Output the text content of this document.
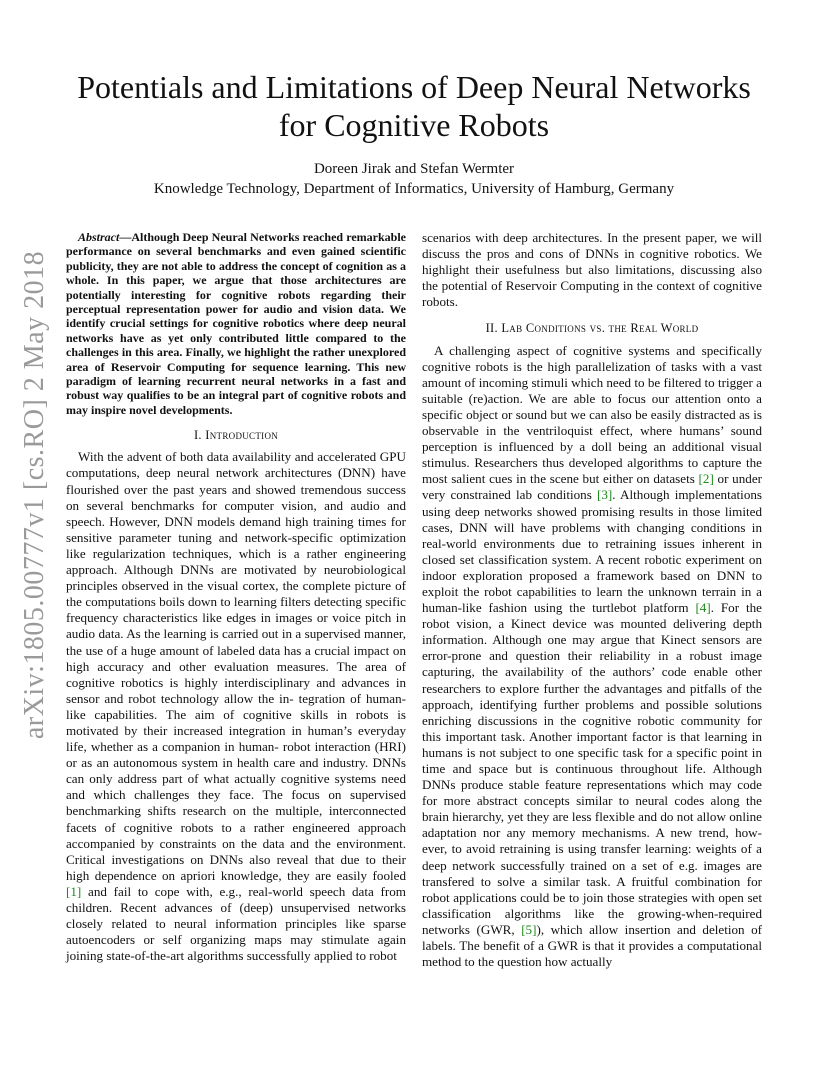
arXiv:1805.00777v1 [cs.RO] 2 May 2018
Potentials and Limitations of Deep Neural Networks for Cognitive Robots
Doreen Jirak and Stefan Wermter
Knowledge Technology, Department of Informatics, University of Hamburg, Germany

Abstract—Although Deep Neural Networks reached remarkable performance on several benchmarks and even gained scientific publicity, they are not able to address the concept of cognition as a whole. In this paper, we argue that those architectures are potentially interesting for cognitive robots regarding their perceptual representation power for audio and vision data. We identify crucial settings for cognitive robotics where deep neural networks have as yet only contributed little compared to the challenges in this area. Finally, we highlight the rather unexplored area of Reservoir Computing for sequence learning. This new paradigm of learning recurrent neural networks in a fast and robust way qualifies to be an integral part of cognitive robots and may inspire novel developments.

I. Introduction

With the advent of both data availability and accelerated GPU computations, deep neural network architectures (DNN) have flourished over the past years and showed tremendous success on several benchmarks for computer vision, and audio and speech. However, DNN models demand high training times for sensitive parameter tuning and network-specific optimization like regularization techniques, which is a rather engineering approach. Although DNNs are motivated by neurobiological principles observed in the visual cortex, the complete picture of the computations boils down to learning filters detecting specific frequency characteristics like edges in images or voice pitch in audio data. As the learning is carried out in a supervised manner, the use of a huge amount of labeled data has a crucial impact on high accuracy and other evaluation measures. The area of cognitive robotics is highly interdisciplinary and advances in sensor and robot technology allow the in- tegration of human-like capabilities. The aim of cognitive skills in robots is motivated by their increased integration in human’s everyday life, whether as a companion in human- robot interaction (HRI) or as an autonomous system in health care and industry. DNNs can only address part of what actually cognitive systems need and which challenges they face. The focus on supervised benchmarking shifts research on the multiple, interconnected facets of cognitive robots to a rather engineered approach accompanied by constraints on the data and the environment. Critical investigations on DNNs also reveal that due to their high dependence on apriori knowledge, they are easily fooled [1] and fail to cope with, e.g., real-world speech data from children. Recent advances of (deep) unsupervised networks closely related to neural information principles like sparse autoencoders or self organizing maps may stimulate again joining state-of-the-art algorithms successfully applied to robot

scenarios with deep architectures. In the present paper, we will discuss the pros and cons of DNNs in cognitive robotics. We highlight their usefulness but also limitations, discussing also the potential of Reservoir Computing in the context of cognitive robots.

II. Lab Conditions vs. the Real World

A challenging aspect of cognitive systems and specifically cognitive robots is the high parallelization of tasks with a vast amount of incoming stimuli which need to be filtered to trigger a suitable (re)action. We are able to focus our attention onto a specific object or sound but we can also be easily distracted as is observable in the ventriloquist effect, where humans’ sound perception is influenced by a doll being an additional visual stimulus. Researchers thus developed algorithms to capture the most salient cues in the scene but either on datasets [2] or under very constrained lab conditions [3]. Although implementations using deep networks showed promising results in those limited cases, DNN will have problems with changing conditions in real-world environments due to retraining issues inherent in closed set classification system. A recent robotic experiment on indoor exploration proposed a framework based on DNN to exploit the robot capabilities to learn the unknown terrain in a human-like fashion using the turtlebot platform [4]. For the robot vision, a Kinect device was mounted delivering depth information. Although one may argue that Kinect sensors are error-prone and question their reliability in a robust image capturing, the availability of the authors’ code enable other researchers to explore further the advantages and pitfalls of the approach, identifying further problems and possible solutions enriching discussions in the cognitive robotic community for this important task. Another important factor is that learning in humans is not subject to one specific task for a specific point in time and space but is continuous throughout life. Although DNNs produce stable feature representations which may code for more abstract concepts similar to neural codes along the brain hierarchy, yet they are less flexible and do not allow online adaptation nor any memory mechanisms. A new trend, how- ever, to avoid retraining is using transfer learning: weights of a deep network successfully trained on a set of e.g. images are transfered to solve a similar task. A fruitful combination for robot applications could be to join those strategies with open set classification algorithms like the growing-when-required networks (GWR, [5]), which allow insertion and deletion of labels. The benefit of a GWR is that it provides a computational method to the question how actually
